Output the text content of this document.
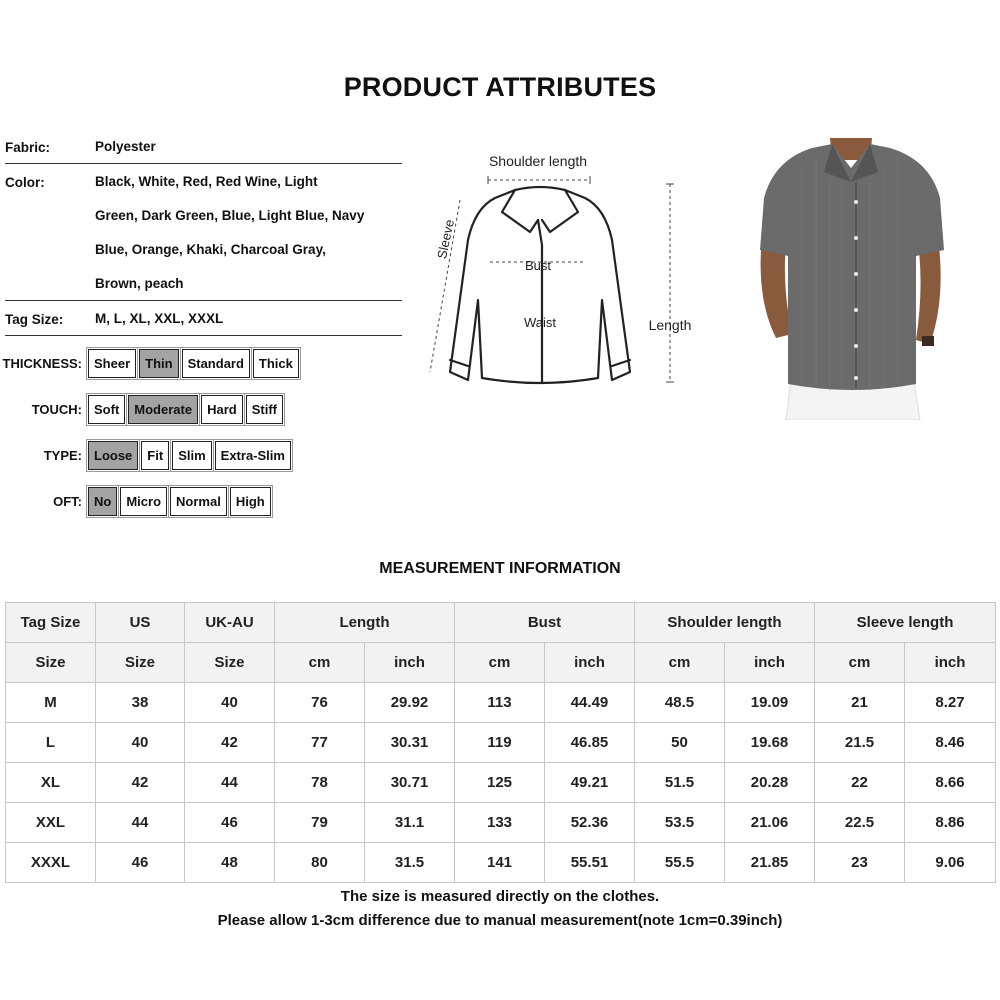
PRODUCT ATTRIBUTES
Fabric:	Polyester
Color:	Black, White, Red, Red Wine, Light
Green, Dark Green, Blue, Light Blue, Navy
Blue, Orange, Khaki, Charcoal Gray,
Brown, peach
Tag Size: M, L, XL, XXL, XXXL
THICKNESS: Sheer	Thin	Standard	Thick
TOUCH: Soft	Moderate	Hard	Stiff
TYPE: Loose	Fit	Slim	Extra-Slim
OFT: No	Micro	Normal	High
Shoulder length
Bust
Waist	Length
Sleeve
MEASUREMENT INFORMATION
Tag Size	US	UK-AU	Length		Bust		Shoulder length		Sleeve length	
Size	Size	Size	cm	inch	cm	inch	cm	inch	cm	inch
M	38	40	76	29.92	113	44.49	48.5	19.09	21	8.27
L	40	42	77	30.31	119	46.85	50	19.68	21.5	8.46
XL	42	44	78	30.71	125	49.21	51.5	20.28	22	8.66
XXL	44	46	79	31.1	133	52.36	53.5	21.06	22.5	8.86
XXXL	46	48	80	31.5	141	55.51	55.5	21.85	23	9.06
The size is measured directly on the clothes.
Please allow 1-3cm difference due to manual measurement(note 1cm=0.39inch)
